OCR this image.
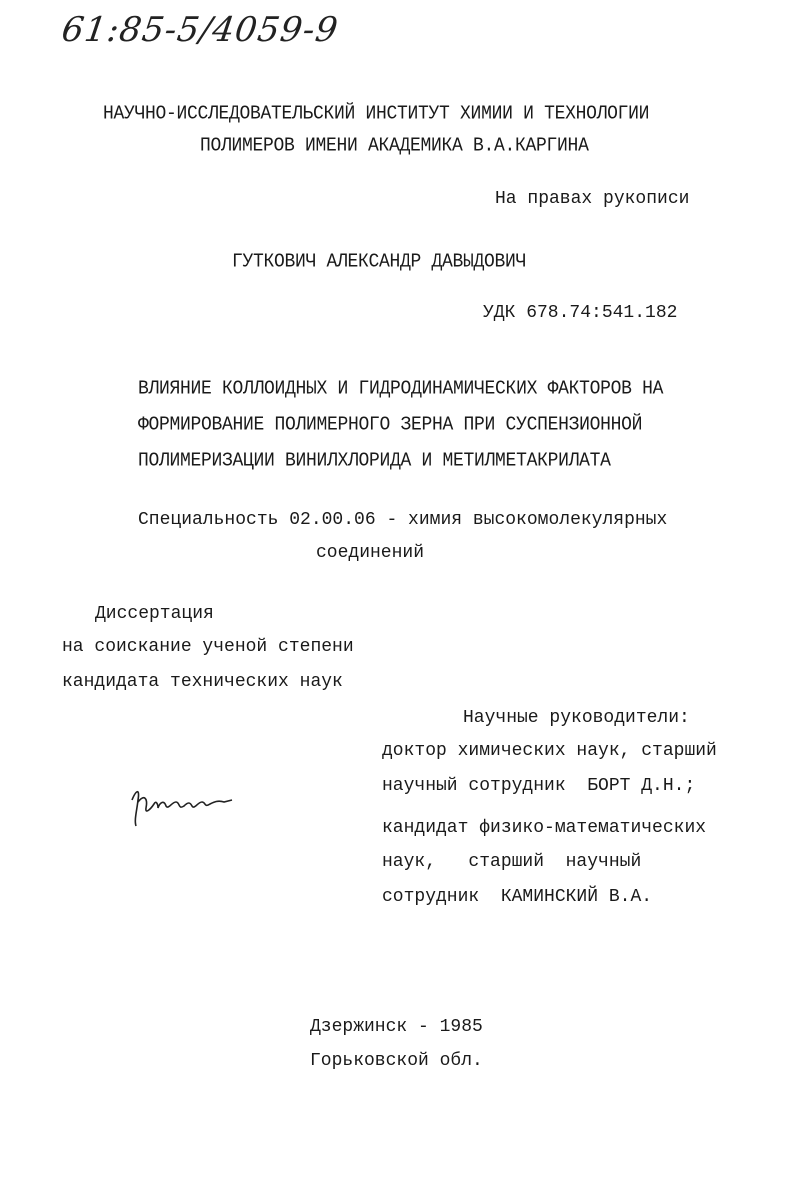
61:85-5/4059-9
НАУЧНО-ИССЛЕДОВАТЕЛЬСКИЙ ИНСТИТУТ ХИМИИ И ТЕХНОЛОГИИ
ПОЛИМЕРОВ ИМЕНИ АКАДЕМИКА В.А.КАРГИНА
На правах рукописи
ГУТКОВИЧ АЛЕКСАНДР ДАВЫДОВИЧ
УДК 678.74:541.182
ВЛИЯНИЕ КОЛЛОИДНЫХ И ГИДРОДИНАМИЧЕСКИХ ФАКТОРОВ НА
ФОРМИРОВАНИЕ ПОЛИМЕРНОГО ЗЕРНА ПРИ СУСПЕНЗИОННОЙ
ПОЛИМЕРИЗАЦИИ ВИНИЛХЛОРИДА И МЕТИЛМЕТАКРИЛАТА
Специальность 02.00.06 - химия высокомолекулярных
соединений
Диссертация
на соискание ученой степени
кандидата технических наук
Научные руководители:
доктор химических наук, старший
научный сотрудник  БОРТ Д.Н.;
кандидат физико-математических
наук,   старший  научный
сотрудник  КАМИНСКИЙ В.А.
Дзержинск - 1985
Горьковской обл.
